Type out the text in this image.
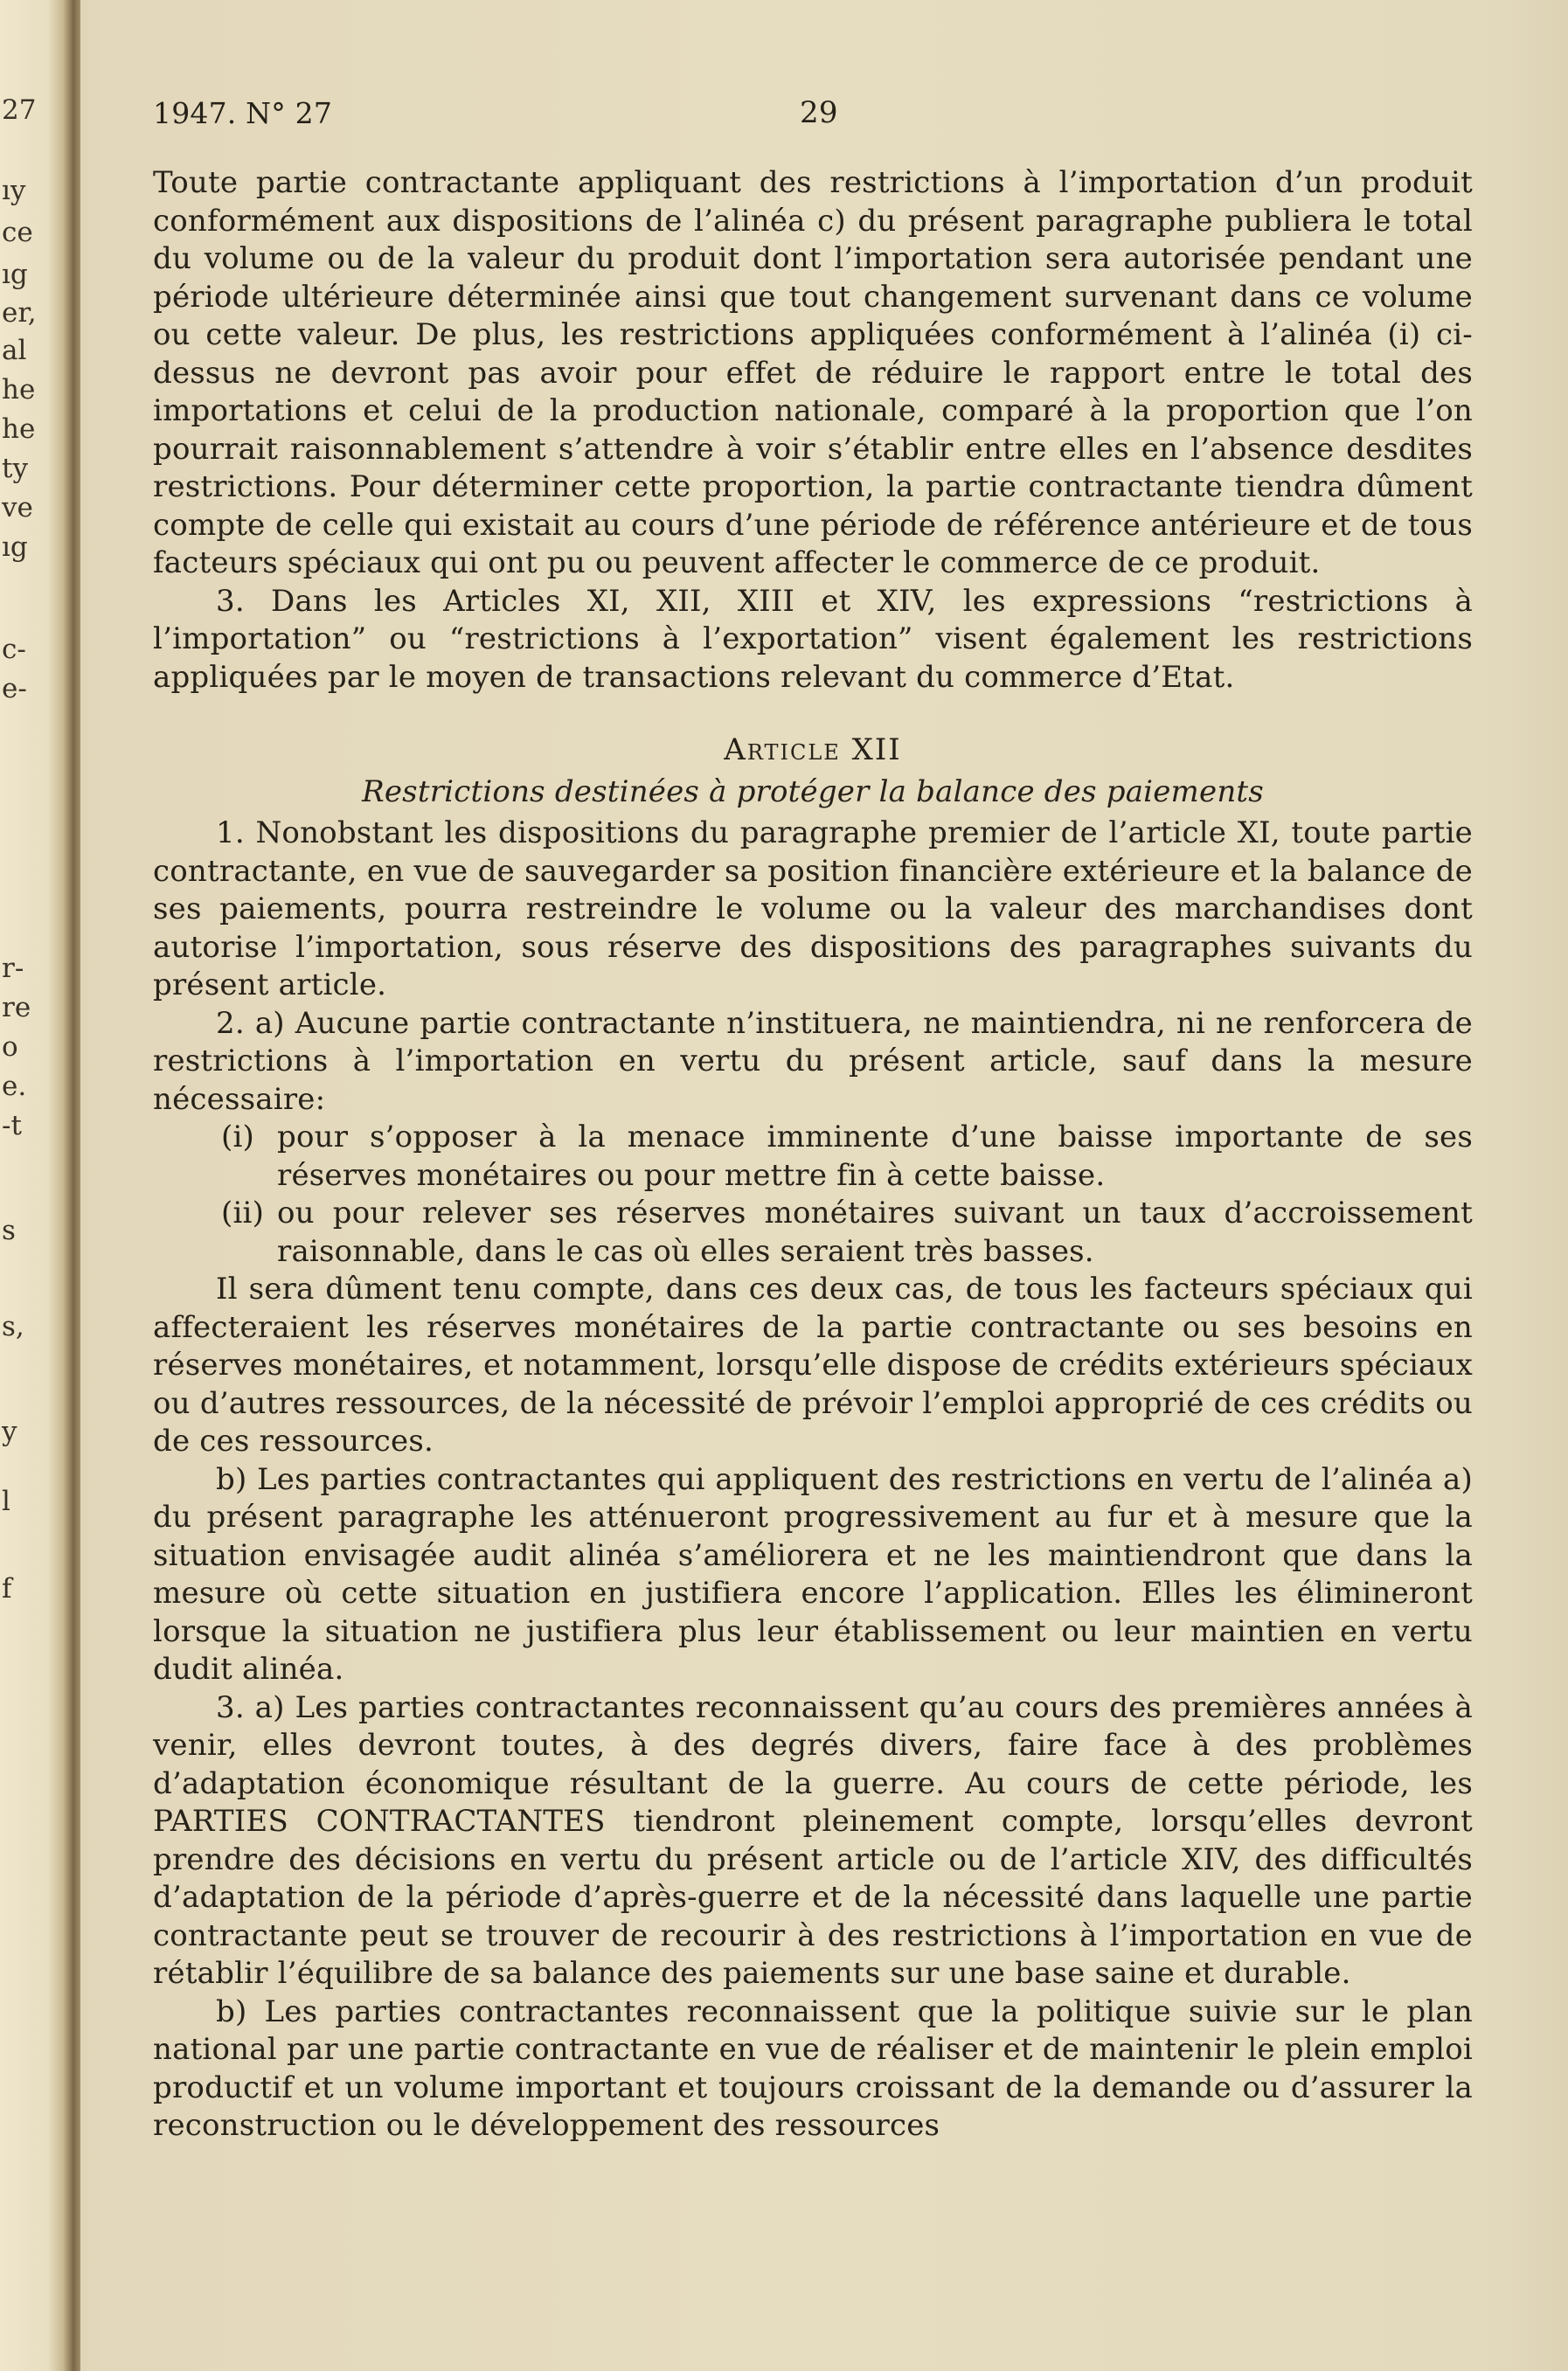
27
ıy
ce
ıg
er,
al
he
he
ty
ve
ıg
c-
e-
r-
re
o
e.
-t
s
s,
y
l
f
1947. N° 27	29

Toute partie contractante appliquant des restrictions à l’importation d’un produit conformément aux dispositions de l’alinéa c) du présent paragraphe publiera le total du volume ou de la valeur du produit dont l’importation sera autorisée pendant une période ultérieure déterminée ainsi que tout changement survenant dans ce volume ou cette valeur. De plus, les restrictions appliquées conformément à l’alinéa (i) ci-dessus ne devront pas avoir pour effet de réduire le rapport entre le total des importations et celui de la production nationale, comparé à la proportion que l’on pourrait raisonnablement s’attendre à voir s’établir entre elles en l’absence desdites restrictions. Pour déterminer cette proportion, la partie contractante tiendra dûment compte de celle qui existait au cours d’une période de référence antérieure et de tous facteurs spéciaux qui ont pu ou peuvent affecter le commerce de ce produit.

3. Dans les Articles XI, XII, XIII et XIV, les expressions “restrictions à l’importation” ou “restrictions à l’exportation” visent également les restrictions appliquées par le moyen de transactions relevant du commerce d’Etat.

Article XII
Restrictions destinées à protéger la balance des paiements

1. Nonobstant les dispositions du paragraphe premier de l’article XI, toute partie contractante, en vue de sauvegarder sa position financière extérieure et la balance de ses paiements, pourra restreindre le volume ou la valeur des marchandises dont autorise l’importation, sous réserve des dispositions des paragraphes suivants du présent article.

2. a) Aucune partie contractante n’instituera, ne maintiendra, ni ne renforcera de restrictions à l’importation en vertu du présent article, sauf dans la mesure nécessaire:

(i) pour s’opposer à la menace imminente d’une baisse importante de ses réserves monétaires ou pour mettre fin à cette baisse.
(ii) ou pour relever ses réserves monétaires suivant un taux d’accroissement raisonnable, dans le cas où elles seraient très basses.

Il sera dûment tenu compte, dans ces deux cas, de tous les facteurs spéciaux qui affecteraient les réserves monétaires de la partie contractante ou ses besoins en réserves monétaires, et notamment, lorsqu’elle dispose de crédits extérieurs spéciaux ou d’autres ressources, de la nécessité de prévoir l’emploi approprié de ces crédits ou de ces ressources.

b) Les parties contractantes qui appliquent des restrictions en vertu de l’alinéa a) du présent paragraphe les atténueront progressivement au fur et à mesure que la situation envisagée audit alinéa s’améliorera et ne les maintiendront que dans la mesure où cette situation en justifiera encore l’application. Elles les élimineront lorsque la situation ne justifiera plus leur établissement ou leur maintien en vertu dudit alinéa.

3. a) Les parties contractantes reconnaissent qu’au cours des premières années à venir, elles devront toutes, à des degrés divers, faire face à des problèmes d’adaptation économique résultant de la guerre. Au cours de cette période, les PARTIES CONTRACTANTES tiendront pleinement compte, lorsqu’elles devront prendre des décisions en vertu du présent article ou de l’article XIV, des difficultés d’adaptation de la période d’après-guerre et de la nécessité dans laquelle une partie contractante peut se trouver de recourir à des restrictions à l’importation en vue de rétablir l’équilibre de sa balance des paiements sur une base saine et durable.

b) Les parties contractantes reconnaissent que la politique suivie sur le plan national par une partie contractante en vue de réaliser et de maintenir le plein emploi productif et un volume important et toujours croissant de la demande ou d’assurer la reconstruction ou le développement des ressources
